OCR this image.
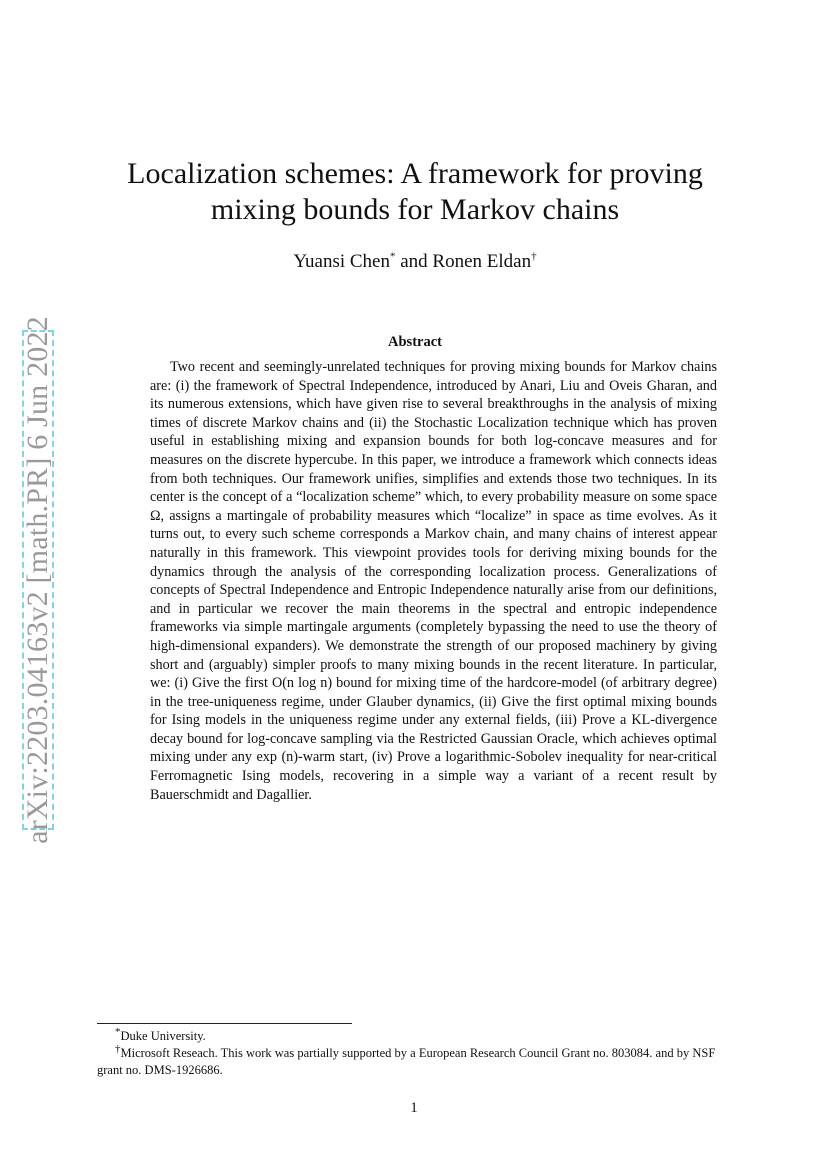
arXiv:2203.04163v2 [math.PR] 6 Jun 2022
Localization schemes: A framework for proving mixing bounds for Markov chains
Yuansi Chen* and Ronen Eldan†
Abstract

Two recent and seemingly-unrelated techniques for proving mixing bounds for Markov chains are: (i) the framework of Spectral Independence, introduced by Anari, Liu and Oveis Gharan, and its numerous extensions, which have given rise to several breakthroughs in the analysis of mixing times of discrete Markov chains and (ii) the Stochastic Localization technique which has proven useful in establishing mixing and expansion bounds for both log-concave measures and for measures on the discrete hypercube. In this paper, we introduce a framework which connects ideas from both techniques. Our framework unifies, simplifies and extends those two techniques. In its center is the concept of a “localization scheme” which, to every probability measure on some space Ω, assigns a martingale of probability measures which “localize” in space as time evolves. As it turns out, to every such scheme corresponds a Markov chain, and many chains of interest appear naturally in this framework. This viewpoint provides tools for deriving mixing bounds for the dynamics through the analysis of the corresponding localization process. Generalizations of concepts of Spectral Independence and Entropic Independence naturally arise from our definitions, and in particular we recover the main theorems in the spectral and entropic independence frameworks via simple martingale arguments (completely bypassing the need to use the theory of high-dimensional expanders). We demonstrate the strength of our proposed machinery by giving short and (arguably) simpler proofs to many mixing bounds in the recent literature. In particular, we: (i) Give the first O(n log n) bound for mixing time of the hardcore-model (of arbitrary degree) in the tree-uniqueness regime, under Glauber dynamics, (ii) Give the first optimal mixing bounds for Ising models in the uniqueness regime under any external fields, (iii) Prove a KL-divergence decay bound for log-concave sampling via the Restricted Gaussian Oracle, which achieves optimal mixing under any exp (n)-warm start, (iv) Prove a logarithmic-Sobolev inequality for near-critical Ferromagnetic Ising models, recovering in a simple way a variant of a recent result by Bauerschmidt and Dagallier.

*Duke University.

†Microsoft Reseach. This work was partially supported by a European Research Council Grant no. 803084. and by NSF grant no. DMS-1926686.

1
